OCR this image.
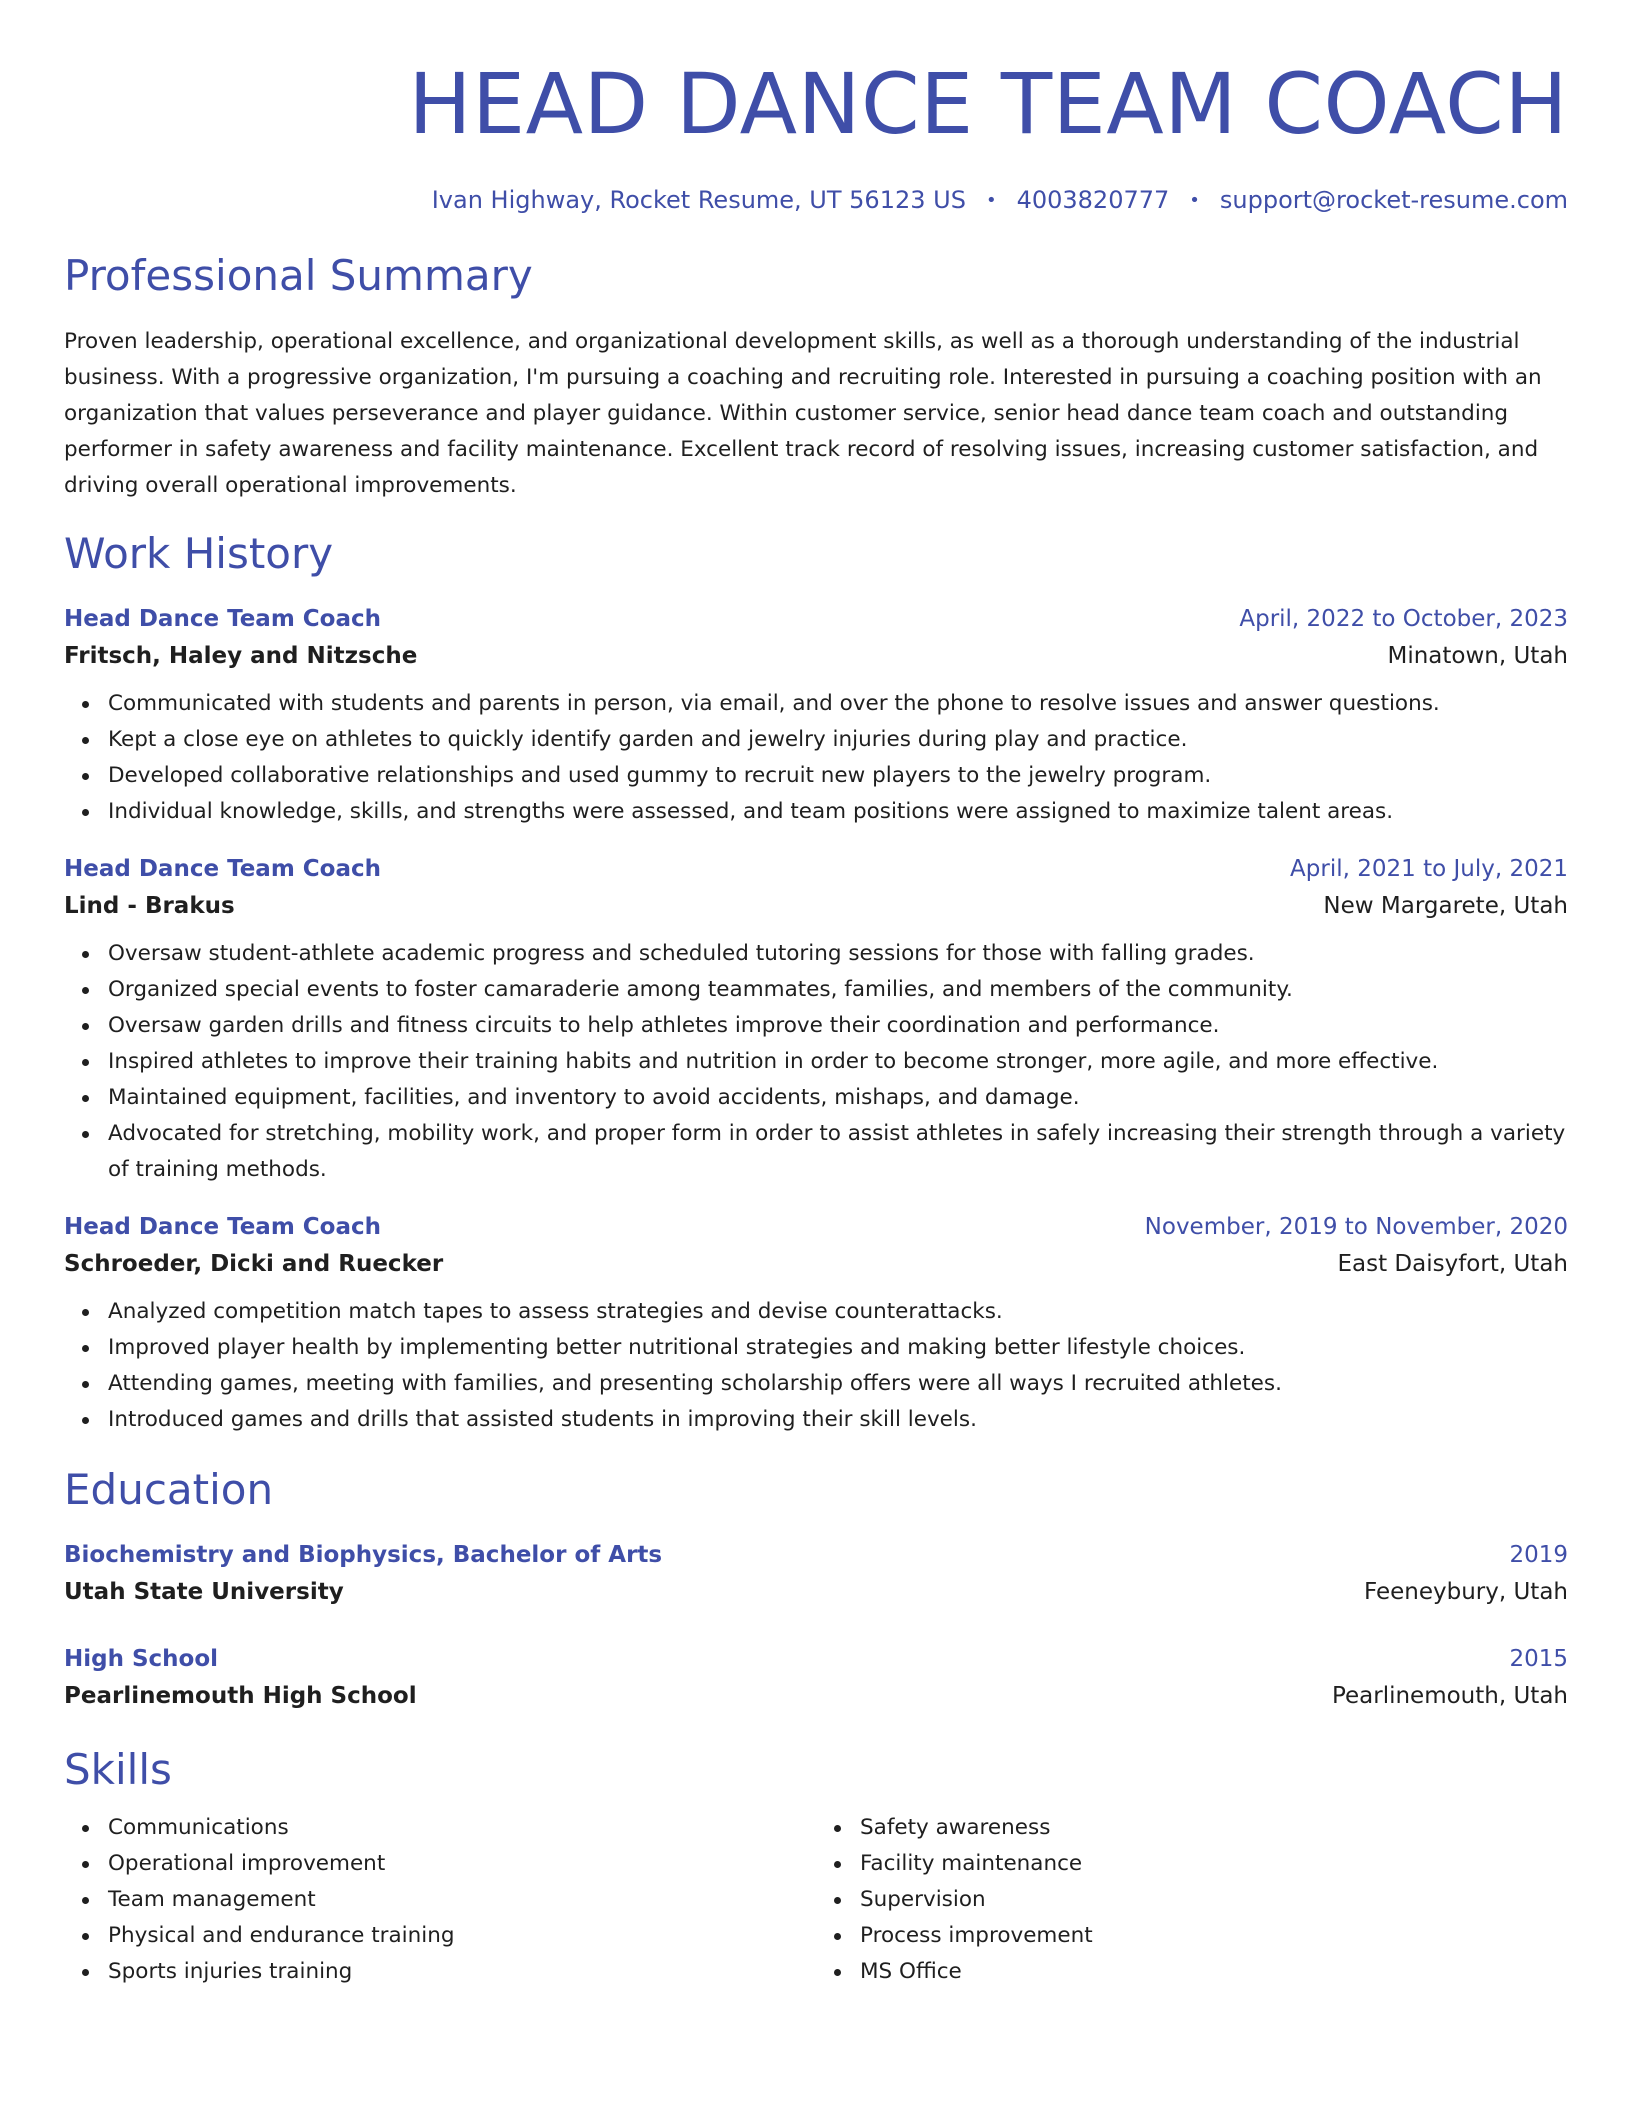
HEAD DANCE TEAM COACH
Ivan Highway, Rocket Resume, UT 56123 US • 4003820777 • support@rocket-resume.com
Professional Summary

Proven leadership, operational excellence, and organizational development skills, as well as a thorough understanding of the industrial business. With a progressive organization, I'm pursuing a coaching and recruiting role. Interested in pursuing a coaching position with an organization that values perseverance and player guidance. Within customer service, senior head dance team coach and outstanding performer in safety awareness and facility maintenance. Excellent track record of resolving issues, increasing customer satisfaction, and driving overall operational improvements.

Work History
Head Dance Team Coach	April, 2022 to October, 2023
Fritsch, Haley and Nitzsche	Minatown, Utah
Communicated with students and parents in person, via email, and over the phone to resolve issues and answer questions.
Kept a close eye on athletes to quickly identify garden and jewelry injuries during play and practice.
Developed collaborative relationships and used gummy to recruit new players to the jewelry program.
Individual knowledge, skills, and strengths were assessed, and team positions were assigned to maximize talent areas.
Head Dance Team Coach	April, 2021 to July, 2021
Lind - Brakus	New Margarete, Utah
Oversaw student-athlete academic progress and scheduled tutoring sessions for those with falling grades.
Organized special events to foster camaraderie among teammates, families, and members of the community.
Oversaw garden drills and fitness circuits to help athletes improve their coordination and performance.
Inspired athletes to improve their training habits and nutrition in order to become stronger, more agile, and more effective.
Maintained equipment, facilities, and inventory to avoid accidents, mishaps, and damage.
Advocated for stretching, mobility work, and proper form in order to assist athletes in safely increasing their strength through a variety of training methods.
Head Dance Team Coach	November, 2019 to November, 2020
Schroeder, Dicki and Ruecker	East Daisyfort, Utah
Analyzed competition match tapes to assess strategies and devise counterattacks.
Improved player health by implementing better nutritional strategies and making better lifestyle choices.
Attending games, meeting with families, and presenting scholarship offers were all ways I recruited athletes.
Introduced games and drills that assisted students in improving their skill levels.
Education
Biochemistry and Biophysics, Bachelor of Arts	2019
Utah State University	Feeneybury, Utah
High School	2015
Pearlinemouth High School	Pearlinemouth, Utah
Skills
Communications
Operational improvement
Team management
Physical and endurance training
Sports injuries training
Safety awareness
Facility maintenance
Supervision
Process improvement
MS Office
